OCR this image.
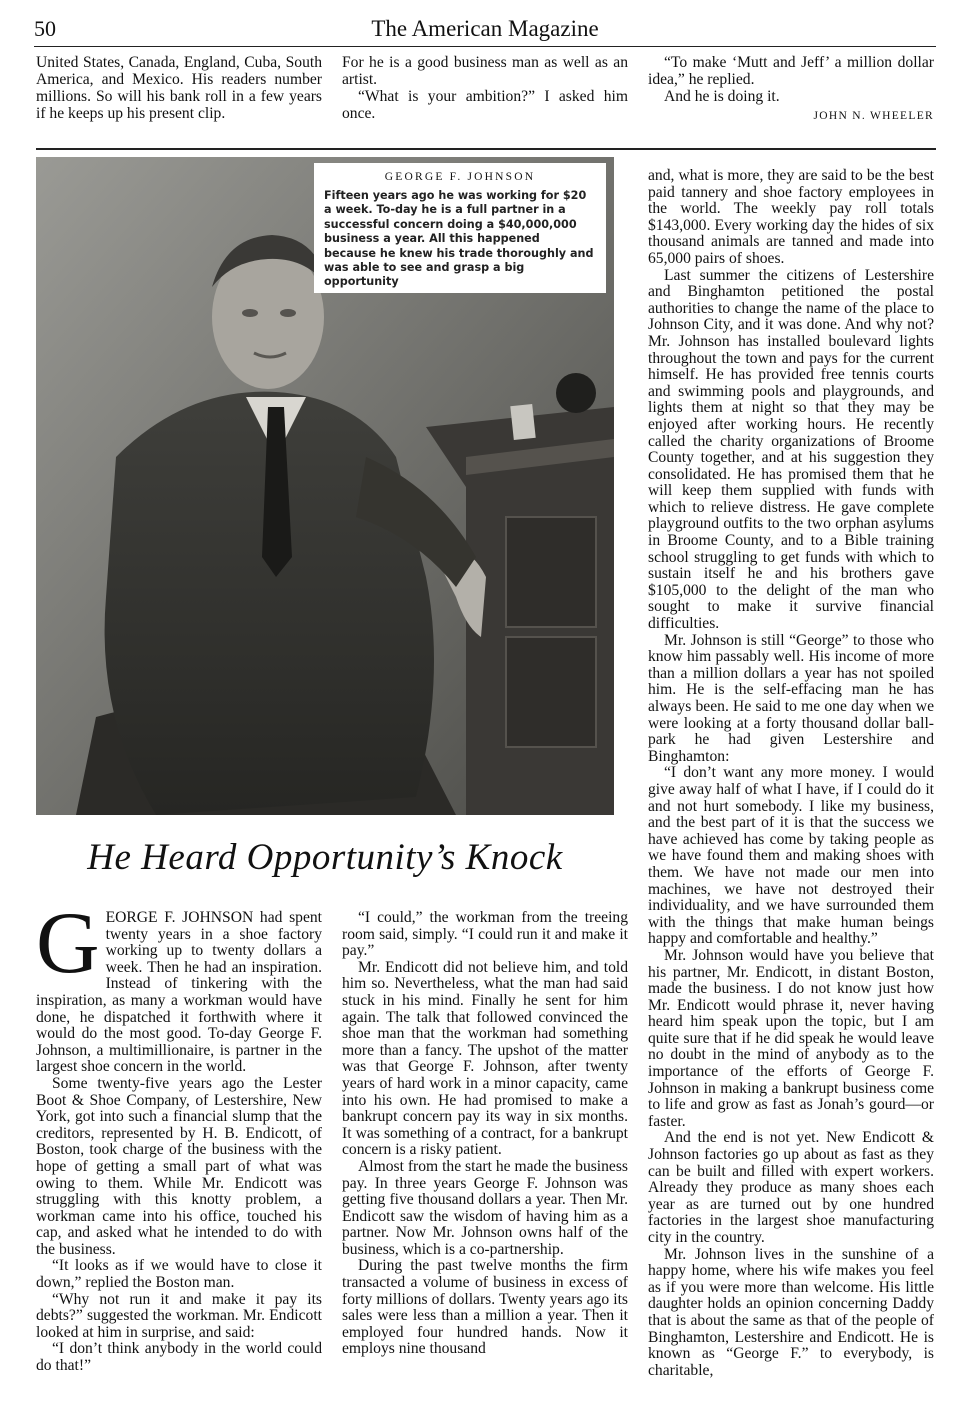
50	The American Magazine

United States, Canada, England, Cuba, South America, and Mexico. His readers number millions. So will his bank roll in a few years if he keeps up his present clip.

For he is a good business man as well as an artist.

“What is your ambition?” I asked him once.

“To make ‘Mutt and Jeff’ a million dollar idea,” he replied.

And he is doing it.

JOHN N. WHEELER

GEORGE F. JOHNSON
Fifteen years ago he was working for $20 a week. To-day he is a full partner in a successful concern doing a $40,000,000 business a year. All this happened because he knew his trade thoroughly and was able to see and grasp a big opportunity
He Heard Opportunity’s Knock

GEORGE F. JOHNSON had spent twenty years in a shoe factory working up to twenty dollars a week. Then he had an inspiration. Instead of tinkering with the inspiration, as many a workman would have done, he dispatched it forthwith where it would do the most good. To-day George F. Johnson, a multimillionaire, is partner in the largest shoe concern in the world.

Some twenty-five years ago the Lester Boot & Shoe Company, of Lestershire, New York, got into such a financial slump that the creditors, represented by H. B. Endicott, of Boston, took charge of the business with the hope of getting a small part of what was owing to them. While Mr. Endicott was struggling with this knotty problem, a workman came into his office, touched his cap, and asked what he intended to do with the business.

“It looks as if we would have to close it down,” replied the Boston man.

“Why not run it and make it pay its debts?” suggested the workman. Mr. Endicott looked at him in surprise, and said:

“I don’t think anybody in the world could do that!”

“I could,” the workman from the treeing room said, simply. “I could run it and make it pay.”

Mr. Endicott did not believe him, and told him so. Nevertheless, what the man had said stuck in his mind. Finally he sent for him again. The talk that followed convinced the shoe man that the workman had something more than a fancy. The upshot of the matter was that George F. Johnson, after twenty years of hard work in a minor capacity, came into his own. He had promised to make a bankrupt concern pay its way in six months. It was something of a contract, for a bankrupt concern is a risky patient.

Almost from the start he made the business pay. In three years George F. Johnson was getting five thousand dollars a year. Then Mr. Endicott saw the wisdom of having him as a partner. Now Mr. Johnson owns half of the business, which is a co-partnership.

During the past twelve months the firm transacted a volume of business in excess of forty millions of dollars. Twenty years ago its sales were less than a million a year. Then it employed four hundred hands. Now it employs nine thousand

and, what is more, they are said to be the best paid tannery and shoe factory employees in the world. The weekly pay roll totals $143,000. Every working day the hides of six thousand animals are tanned and made into 65,000 pairs of shoes.

Last summer the citizens of Lestershire and Binghamton petitioned the postal authorities to change the name of the place to Johnson City, and it was done. And why not? Mr. Johnson has installed boulevard lights throughout the town and pays for the current himself. He has provided free tennis courts and swimming pools and playgrounds, and lights them at night so that they may be enjoyed after working hours. He recently called the charity organizations of Broome County together, and at his suggestion they consolidated. He has promised them that he will keep them supplied with funds with which to relieve distress. He gave complete playground outfits to the two orphan asylums in Broome County, and to a Bible training school struggling to get funds with which to sustain itself he and his brothers gave $105,000 to the delight of the man who sought to make it survive financial difficulties.

Mr. Johnson is still “George” to those who know him passably well. His income of more than a million dollars a year has not spoiled him. He is the self-effacing man he has always been. He said to me one day when we were looking at a forty thousand dollar ball-park he had given Lestershire and Binghamton:

“I don’t want any more money. I would give away half of what I have, if I could do it and not hurt somebody. I like my business, and the best part of it is that the success we have achieved has come by taking people as we have found them and making shoes with them. We have not made our men into machines, we have not destroyed their individuality, and we have surrounded them with the things that make human beings happy and comfortable and healthy.”

Mr. Johnson would have you believe that his partner, Mr. Endicott, in distant Boston, made the business. I do not know just how Mr. Endicott would phrase it, never having heard him speak upon the topic, but I am quite sure that if he did speak he would leave no doubt in the mind of anybody as to the importance of the efforts of George F. Johnson in making a bankrupt business come to life and grow as fast as Jonah’s gourd—or faster.

And the end is not yet. New Endicott & Johnson factories go up about as fast as they can be built and filled with expert workers. Already they produce as many shoes each year as are turned out by one hundred factories in the largest shoe manufacturing city in the country.

Mr. Johnson lives in the sunshine of a happy home, where his wife makes you feel as if you were more than welcome. His little daughter holds an opinion concerning Daddy that is about the same as that of the people of Binghamton, Lestershire and Endicott. He is known as “George F.” to everybody, is charitable,
